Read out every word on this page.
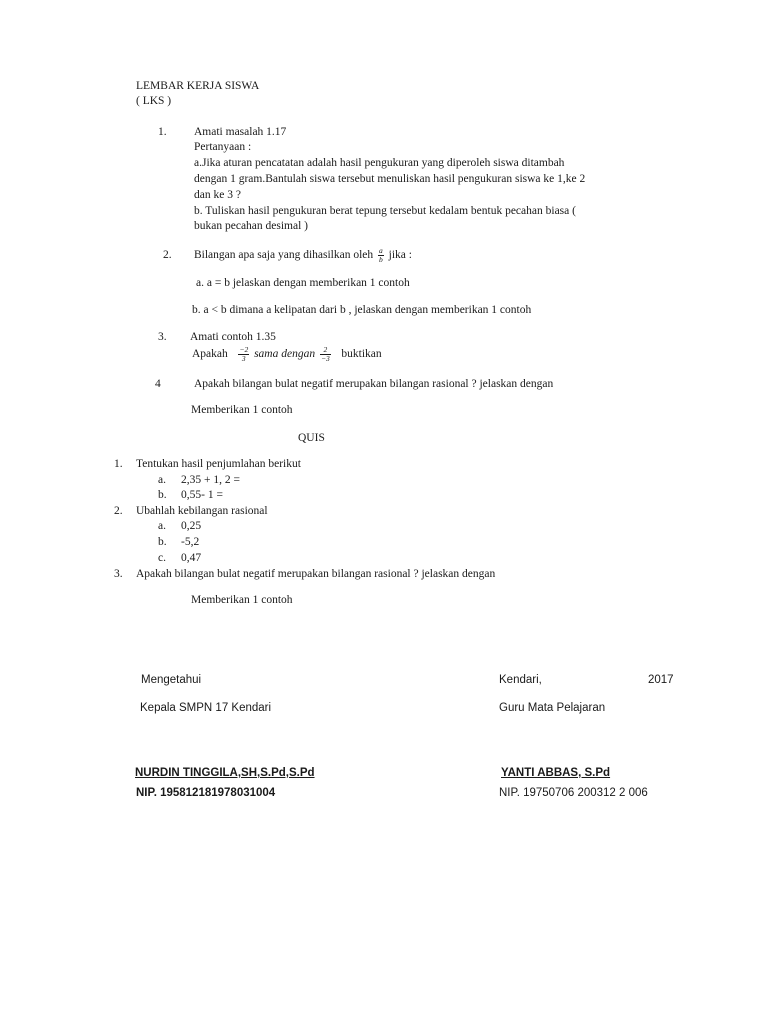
LEMBAR KERJA SISWA
( LKS )
1. Amati masalah 1.17
Pertanyaan :
a.Jika aturan pencatatan adalah hasil pengukuran yang diperoleh siswa ditambah
dengan 1 gram.Bantulah siswa tersebut menuliskan hasil pengukuran siswa ke 1,ke 2
dan ke 3 ?
b. Tuliskan hasil pengukuran berat tepung tersebut kedalam bentuk pecahan biasa (
bukan pecahan desimal )
2. Bilangan apa saja yang dihasilkan oleh $\frac{a}{b}$ jika :
a. a = b jelaskan dengan memberikan 1 contoh
b. a < b dimana a kelipatan dari b , jelaskan dengan memberikan 1 contoh
3. Amati contoh 1.35
Apakah $\frac{-2}{3}$ sama dengan $\frac{2}{-3}$ buktikan
4	Apakah bilangan bulat negatif merupakan bilangan rasional ? jelaskan dengan
Memberikan 1 contoh
QUIS
1. Tentukan hasil penjumlahan berikut
a. 2,35 + 1, 2 =
b. 0,55- 1 =
2. Ubahlah kebilangan rasional
a. 0,25
b. -5,2
c. 0,47
3. Apakah bilangan bulat negatif merupakan bilangan rasional ? jelaskan dengan
Memberikan 1 contoh
Mengetahui	Kendari,	2017
Kepala SMPN 17 Kendari	Guru Mata Pelajaran
NURDIN TINGGILA,SH,S.Pd,S.Pd	YANTI ABBAS, S.Pd
NIP. 195812181978031004	NIP. 19750706 200312 2 006
